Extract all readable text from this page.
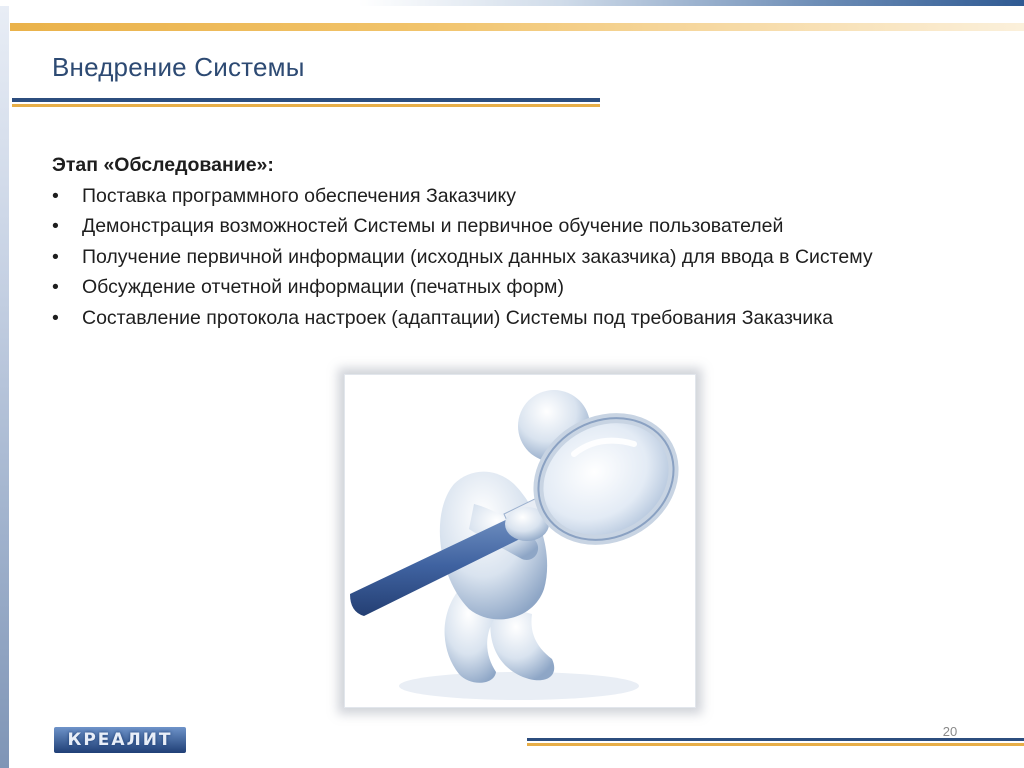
Внедрение Системы
Этап «Обследование»:
• Поставка программного обеспечения Заказчику
• Демонстрация возможностей Системы и первичное обучение пользователей
• Получение первичной информации (исходных данных заказчика) для ввода в Систему
• Обсуждение отчетной информации (печатных форм)
• Составление протокола настроек (адаптации) Системы под требования Заказчика
КРЕАЛИТ	20
